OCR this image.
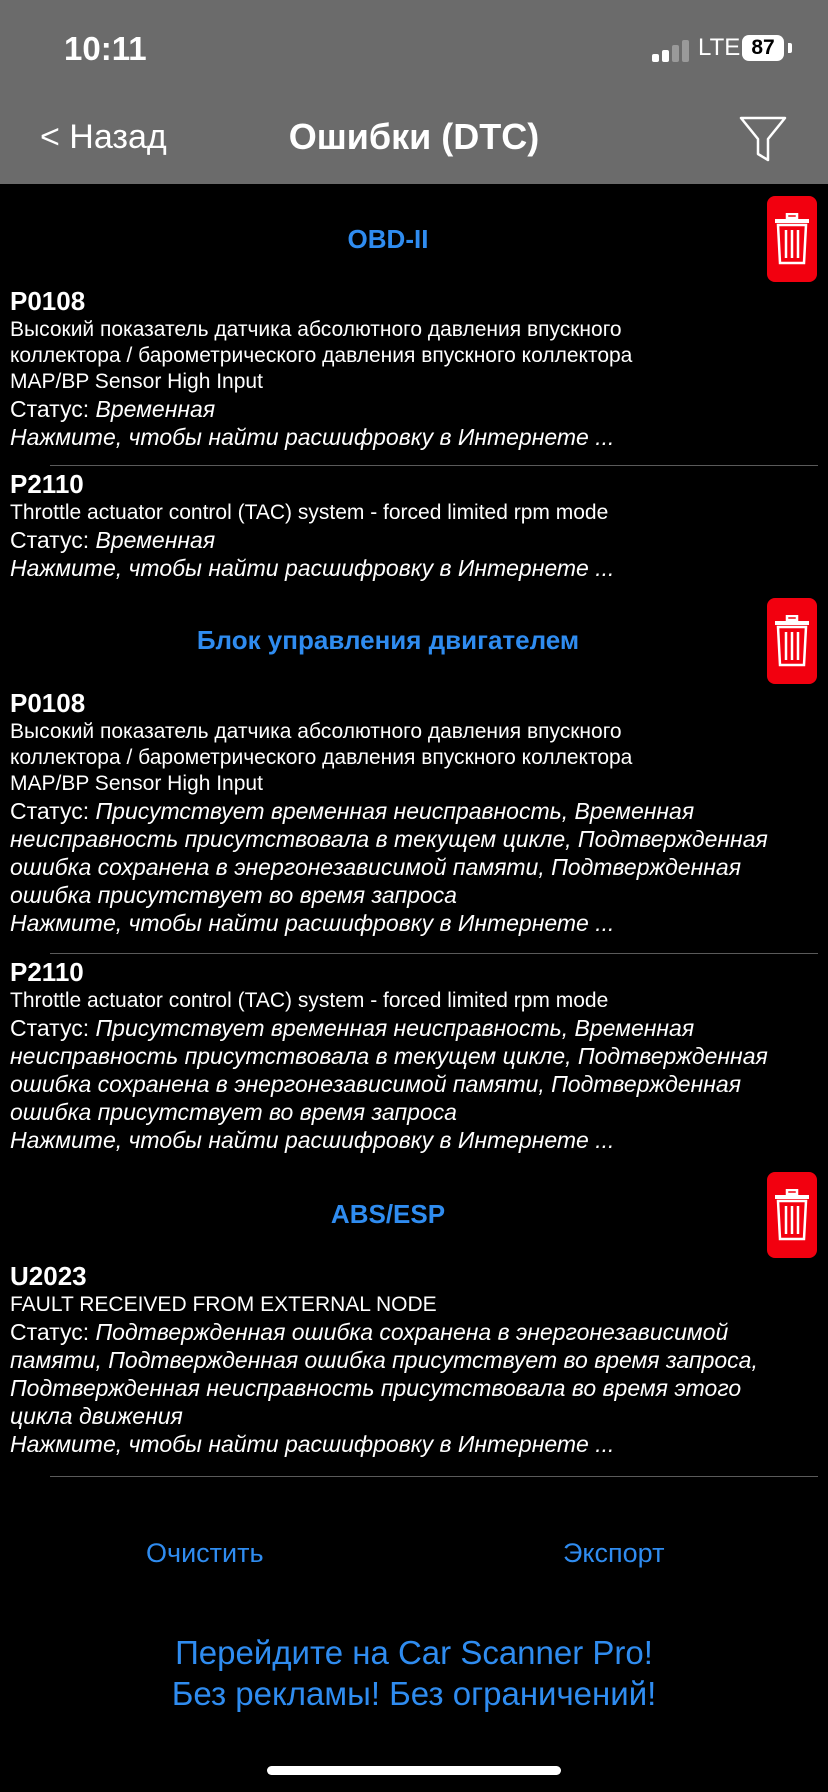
10:11	LTE 87
< Назад	Ошибки (DTC)
OBD-II
P0108
Высокий показатель датчика абсолютного давления впускного
коллектора / барометрического давления впускного коллектора
MAP/BP Sensor High Input
Статус: Временная
Нажмите, чтобы найти расшифровку в Интернете ...
P2110
Throttle actuator control (TAC) system - forced limited rpm mode
Статус: Временная
Нажмите, чтобы найти расшифровку в Интернете ...
Блок управления двигателем
P0108
Высокий показатель датчика абсолютного давления впускного
коллектора / барометрического давления впускного коллектора
MAP/BP Sensor High Input
Статус: Присутствует временная неисправность, Временная
неисправность присутствовала в текущем цикле, Подтвержденная
ошибка сохранена в энергонезависимой памяти, Подтвержденная
ошибка присутствует во время запроса
Нажмите, чтобы найти расшифровку в Интернете ...
P2110
Throttle actuator control (TAC) system - forced limited rpm mode
Статус: Присутствует временная неисправность, Временная
неисправность присутствовала в текущем цикле, Подтвержденная
ошибка сохранена в энергонезависимой памяти, Подтвержденная
ошибка присутствует во время запроса
Нажмите, чтобы найти расшифровку в Интернете ...
ABS/ESP
U2023
FAULT RECEIVED FROM EXTERNAL NODE
Статус: Подтвержденная ошибка сохранена в энергонезависимой
памяти, Подтвержденная ошибка присутствует во время запроса,
Подтвержденная неисправность присутствовала во время этого
цикла движения
Нажмите, чтобы найти расшифровку в Интернете ...
Очистить	Экспорт
Перейдите на Car Scanner Pro!
Без рекламы! Без ограничений!
